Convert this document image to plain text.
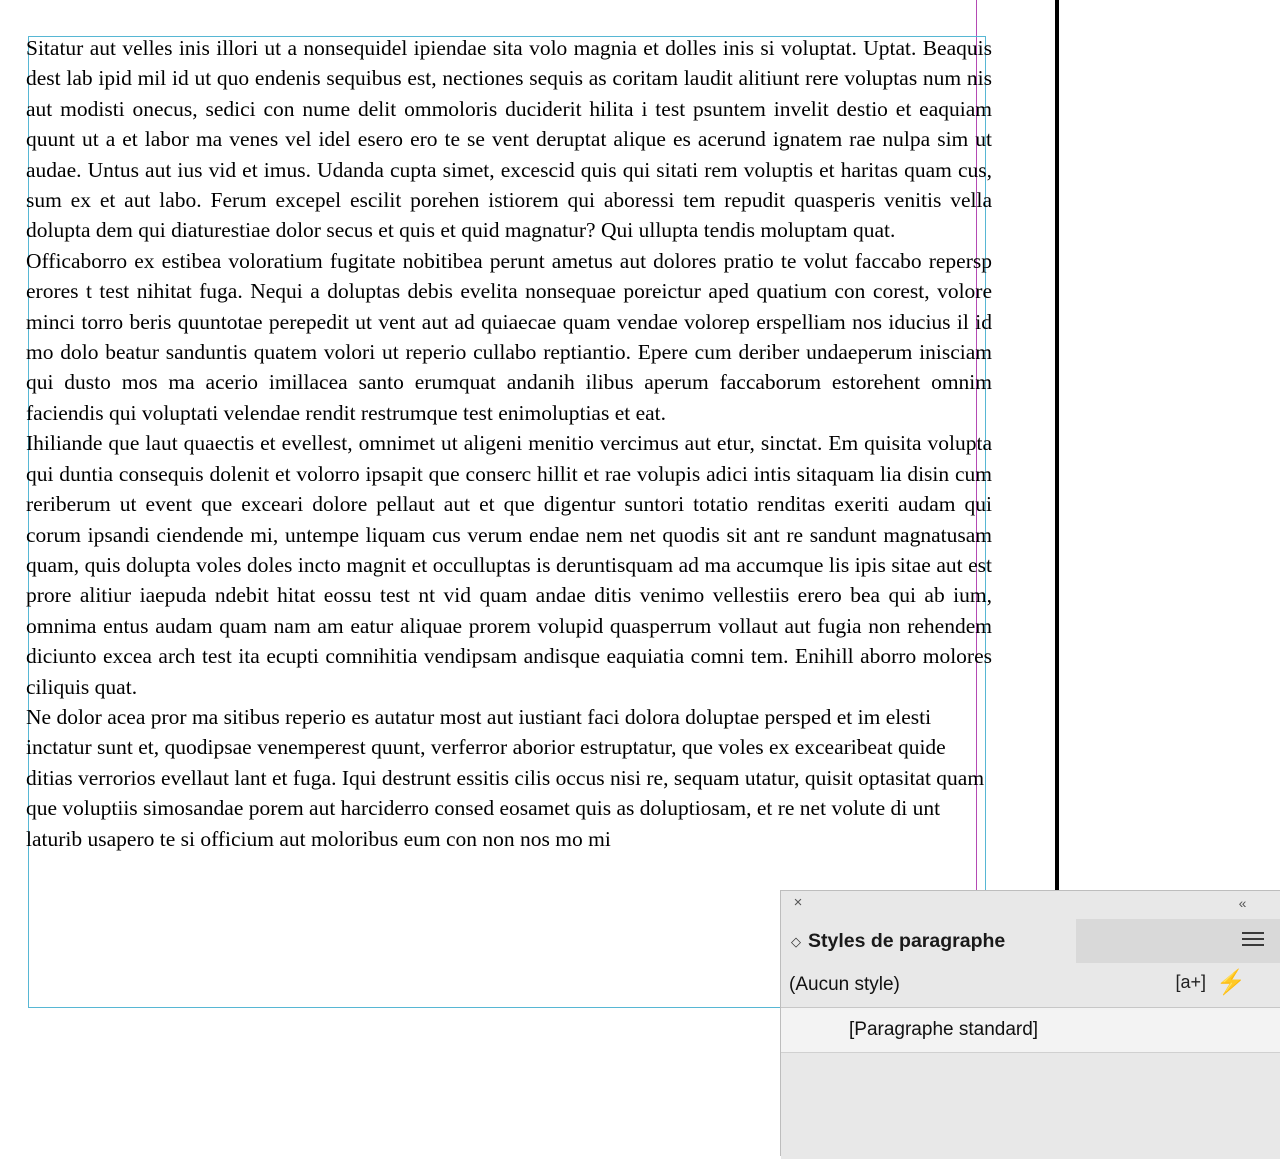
Sitatur aut velles inis illori ut a nonsequidel ipiendae sita volo magnia et dolles inis si voluptat. Uptat. Beaquis dest lab ipid mil id ut quo endenis sequibus est, nectiones sequis as coritam laudit alitiunt rere voluptas num nis aut modisti onecus, sedici con nume delit ommoloris duciderit hilita i test psuntem invelit destio et eaquiam quunt ut a et labor ma venes vel idel esero ero te se vent deruptat alique es acerund ignatem rae nulpa sim ut audae. Untus aut ius vid et imus. Udanda cupta simet, excescid quis qui sitati rem voluptis et haritas quam cus, sum ex et aut labo. Ferum excepel escilit porehen istiorem qui aboressi tem repudit quasperis venitis vella dolupta dem qui diaturestiae dolor secus et quis et quid magnatur? Qui ullupta tendis moluptam quat.

Officaborro ex estibea voloratium fugitate nobitibea perunt ametus aut dolores pratio te volut faccabo repersp erores t test nihitat fuga. Nequi a doluptas debis evelita nonsequae poreictur aped quatium con corest, volore minci torro beris quuntotae perepedit ut vent aut ad quiaecae quam vendae volorep erspelliam nos iducius il id mo dolo beatur sanduntis quatem volori ut reperio cullabo reptiantio. Epere cum deriber undaeperum inisciam qui dusto mos ma acerio imillacea santo erumquat andanih ilibus aperum faccaborum estorehent omnim faciendis qui voluptati velendae rendit restrumque test enimoluptias et eat.

Ihiliande que laut quaectis et evellest, omnimet ut aligeni menitio vercimus aut etur, sinctat. Em quisita volupta qui duntia consequis dolenit et volorro ipsapit que conserc hillit et rae volupis adici intis sitaquam lia disin cum reriberum ut event que exceari dolore pellaut aut et que digentur suntori totatio renditas exeriti audam qui corum ipsandi ciendende mi, untempe liquam cus verum endae nem net quodis sit ant re sandunt magnatusam quam, quis dolupta voles doles incto magnit et occulluptas is deruntisquam ad ma accumque lis ipis sitae aut est prore alitiur iaepuda ndebit hitat eossu test nt vid quam andae ditis venimo vellestiis erero bea qui ab ium, omnima entus audam quam nam am eatur aliquae prorem volupid quasperrum vollaut aut fugia non rehendem diciunto excea arch test ita ecupti comnihitia vendipsam andisque eaquiatia comni tem. Enihill aborro molores ciliquis quat.

Ne dolor acea pror ma sitibus reperio es autatur most aut iustiant faci dolora doluptae persped et im elesti inctatur sunt et, quodipsae venemperest quunt, verferror aborior estruptatur, que voles ex excearibeat quide ditias verrorios evellaut lant et fuga. Iqui destrunt essitis cilis occus nisi re, sequam utatur, quisit optasitat quam que voluptiis simosandae porem aut harciderro consed eosamet quis as doluptiosam, et re net volute di unt laturib usapero te si officium aut moloribus eum con non nos mo mi

×	«
◇ Styles de paragraphe
(Aucun style)	[a+] ⚡
[Paragraphe standard]
